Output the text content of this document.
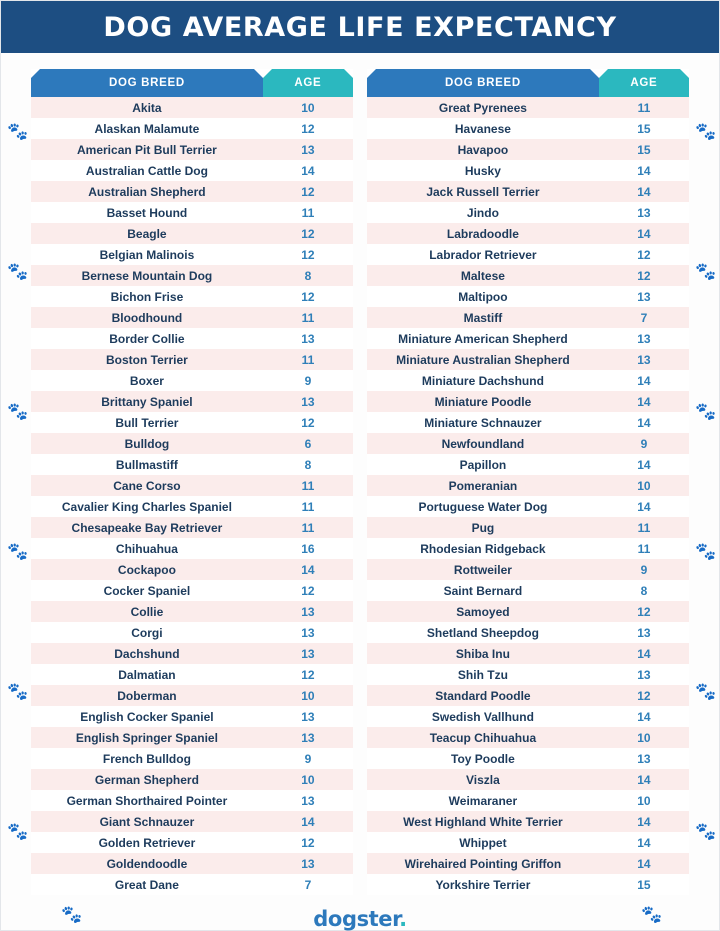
🐾
🐾
🐾
🐾
🐾
🐾
🐾
🐾
🐾
🐾
🐾
🐾
🐾	🐾
DOG AVERAGE LIFE EXPECTANCY
DOG BREED	AGE
Akita	10
Alaskan Malamute	12
American Pit Bull Terrier	13
Australian Cattle Dog	14
Australian Shepherd	12
Basset Hound	11
Beagle	12
Belgian Malinois	12
Bernese Mountain Dog	8
Bichon Frise	12
Bloodhound	11
Border Collie	13
Boston Terrier	11
Boxer	9
Brittany Spaniel	13
Bull Terrier	12
Bulldog	6
Bullmastiff	8
Cane Corso	11
Cavalier King Charles Spaniel	11
Chesapeake Bay Retriever	11
Chihuahua	16
Cockapoo	14
Cocker Spaniel	12
Collie	13
Corgi	13
Dachshund	13
Dalmatian	12
Doberman	10
English Cocker Spaniel	13
English Springer Spaniel	13
French Bulldog	9
German Shepherd	10
German Shorthaired Pointer	13
Giant Schnauzer	14
Golden Retriever	12
Goldendoodle	13
Great Dane	7
DOG BREED	AGE
Great Pyrenees	11
Havanese	15
Havapoo	15
Husky	14
Jack Russell Terrier	14
Jindo	13
Labradoodle	14
Labrador Retriever	12
Maltese	12
Maltipoo	13
Mastiff	7
Miniature American Shepherd	13
Miniature Australian Shepherd	13
Miniature Dachshund	14
Miniature Poodle	14
Miniature Schnauzer	14
Newfoundland	9
Papillon	14
Pomeranian	10
Portuguese Water Dog	14
Pug	11
Rhodesian Ridgeback	11
Rottweiler	9
Saint Bernard	8
Samoyed	12
Shetland Sheepdog	13
Shiba Inu	14
Shih Tzu	13
Standard Poodle	12
Swedish Vallhund	14
Teacup Chihuahua	10
Toy Poodle	13
Viszla	14
Weimaraner	10
West Highland White Terrier	14
Whippet	14
Wirehaired Pointing Griffon	14
Yorkshire Terrier	15
dogster.
